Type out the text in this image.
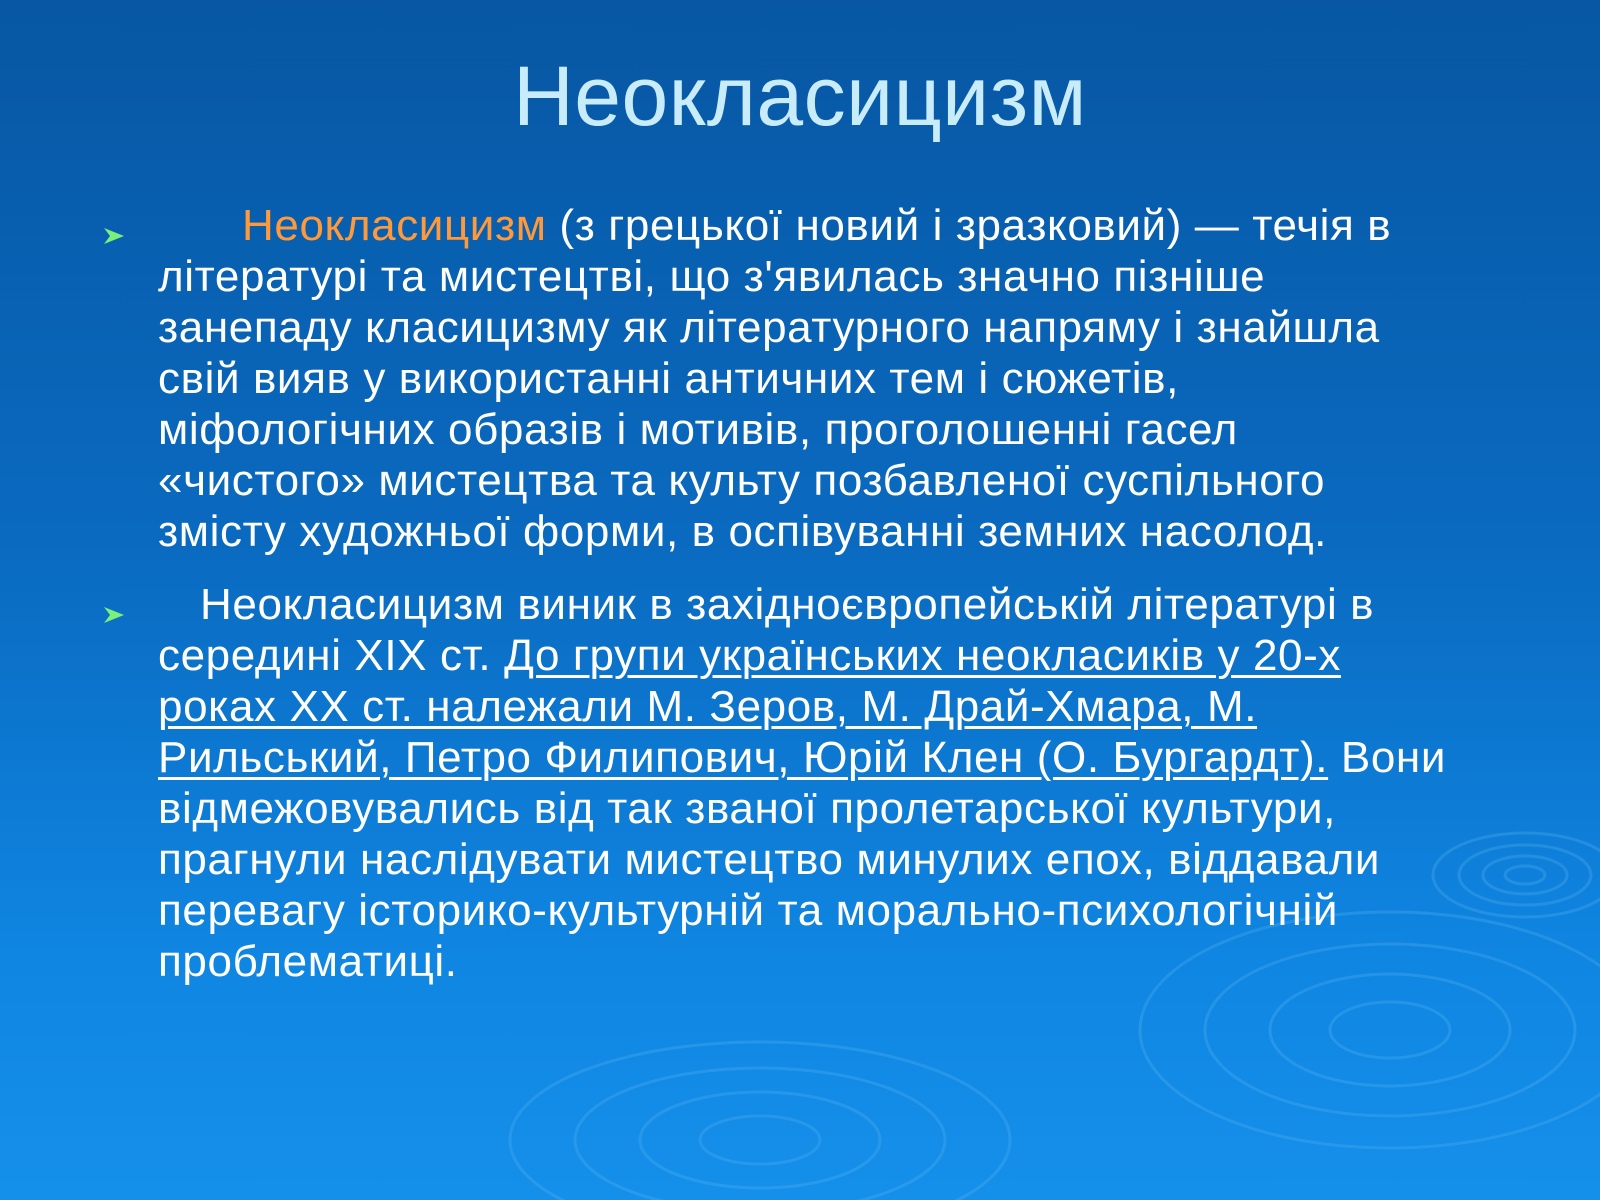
Неокласицизм
Неокласицизм (з грецької новий і зразковий) — течія в літературі та мистецтві, що з'явилась значно пізніше занепаду класицизму як літературного напряму і знайшла свій вияв у використанні античних тем і сюжетів, міфологічних образів і мотивів, проголошенні гасел «чистого» мистецтва та культу позбавленої суспільного змісту художньої форми, в оспівуванні земних насолод.
Неокласицизм виник в західноєвропейській літературі в середині XIX ст. До групи українських неокласиків у 20-х роках XX ст. належали М. Зеров, М. Драй-Хмара, М. Рильський, Петро Филипович, Юрій Клен (О. Бургардт). Вони відмежовувались від так званої пролетарської культури, прагнули наслідувати мистецтво минулих епох, віддавали перевагу історико-культурній та морально-психологічній проблематиці.
